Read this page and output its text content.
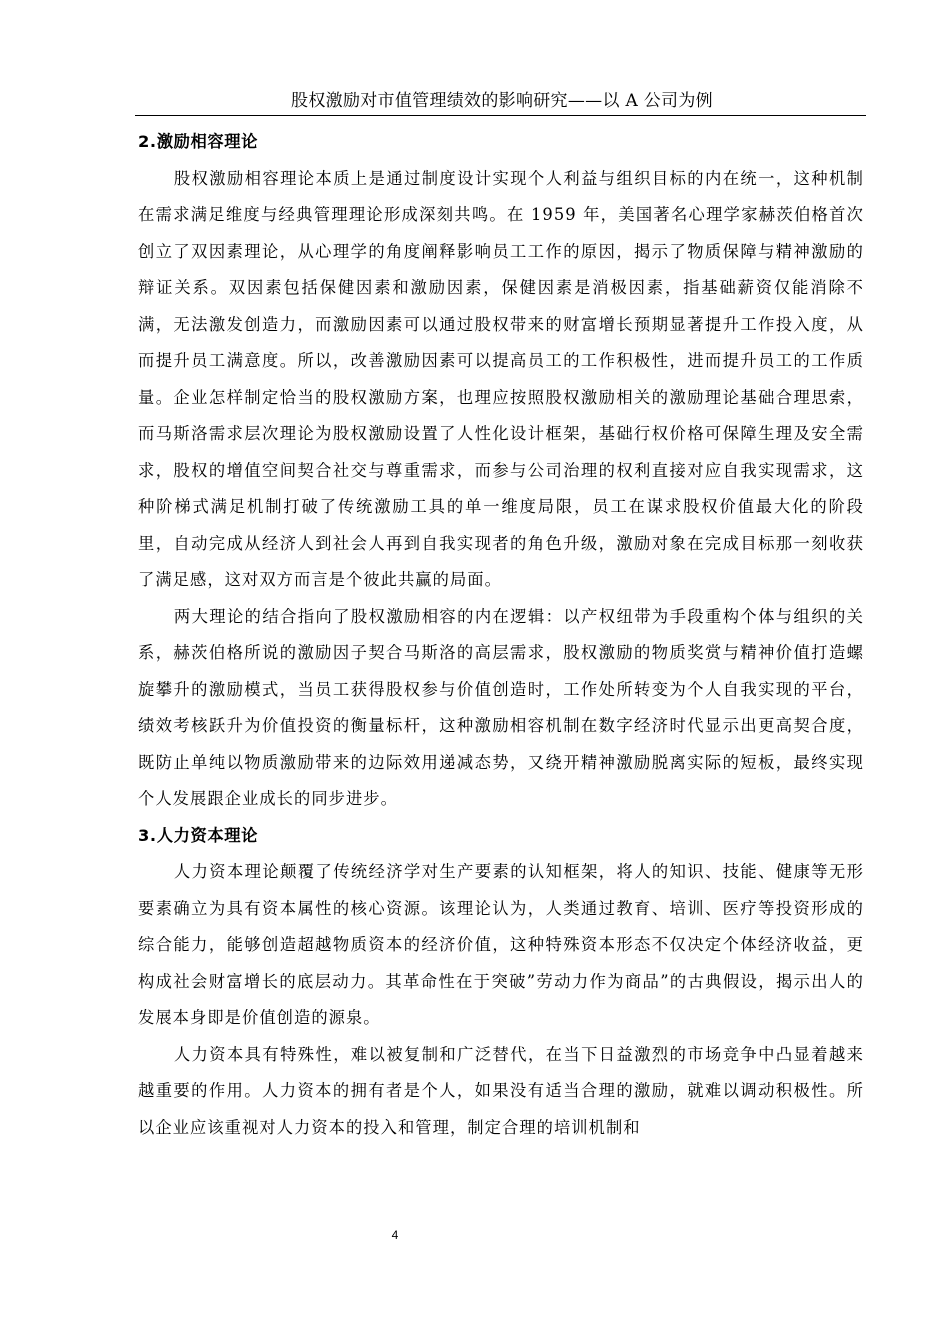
股权激励对市值管理绩效的影响研究——以 A 公司为例

2.激励相容理论

股权激励相容理论本质上是通过制度设计实现个人利益与组织目标的内在统一，这种机制在需求满足维度与经典管理理论形成深刻共鸣。在 1959 年，美国著名心理学家赫茨伯格首次创立了双因素理论，从心理学的角度阐释影响员工工作的原因，揭示了物质保障与精神激励的辩证关系。双因素包括保健因素和激励因素，保健因素是消极因素，指基础薪资仅能消除不满，无法激发创造力，而激励因素可以通过股权带来的财富增长预期显著提升工作投入度，从而提升员工满意度。所以，改善激励因素可以提高员工的工作积极性，进而提升员工的工作质量。企业怎样制定恰当的股权激励方案，也理应按照股权激励相关的激励理论基础合理思索，而马斯洛需求层次理论为股权激励设置了人性化设计框架，基础行权价格可保障生理及安全需求，股权的增值空间契合社交与尊重需求，而参与公司治理的权利直接对应自我实现需求，这种阶梯式满足机制打破了传统激励工具的单一维度局限，员工在谋求股权价值最大化的阶段里，自动完成从经济人到社会人再到自我实现者的角色升级，激励对象在完成目标那一刻收获了满足感，这对双方而言是个彼此共赢的局面。

两大理论的结合指向了股权激励相容的内在逻辑：以产权纽带为手段重构个体与组织的关系，赫茨伯格所说的激励因子契合马斯洛的高层需求，股权激励的物质奖赏与精神价值打造螺旋攀升的激励模式，当员工获得股权参与价值创造时，工作处所转变为个人自我实现的平台，绩效考核跃升为价值投资的衡量标杆，这种激励相容机制在数字经济时代显示出更高契合度，既防止单纯以物质激励带来的边际效用递减态势，又绕开精神激励脱离实际的短板，最终实现个人发展跟企业成长的同步进步。

3.人力资本理论

人力资本理论颠覆了传统经济学对生产要素的认知框架，将人的知识、技能、健康等无形要素确立为具有资本属性的核心资源。该理论认为，人类通过教育、培训、医疗等投资形成的综合能力，能够创造超越物质资本的经济价值，这种特殊资本形态不仅决定个体经济收益，更构成社会财富增长的底层动力。其革命性在于突破”劳动力作为商品”的古典假设，揭示出人的发展本身即是价值创造的源泉。

人力资本具有特殊性，难以被复制和广泛替代，在当下日益激烈的市场竞争中凸显着越来越重要的作用。人力资本的拥有者是个人，如果没有适当合理的激励，就难以调动积极性。所以企业应该重视对人力资本的投入和管理，制定合理的培训机制和

4
